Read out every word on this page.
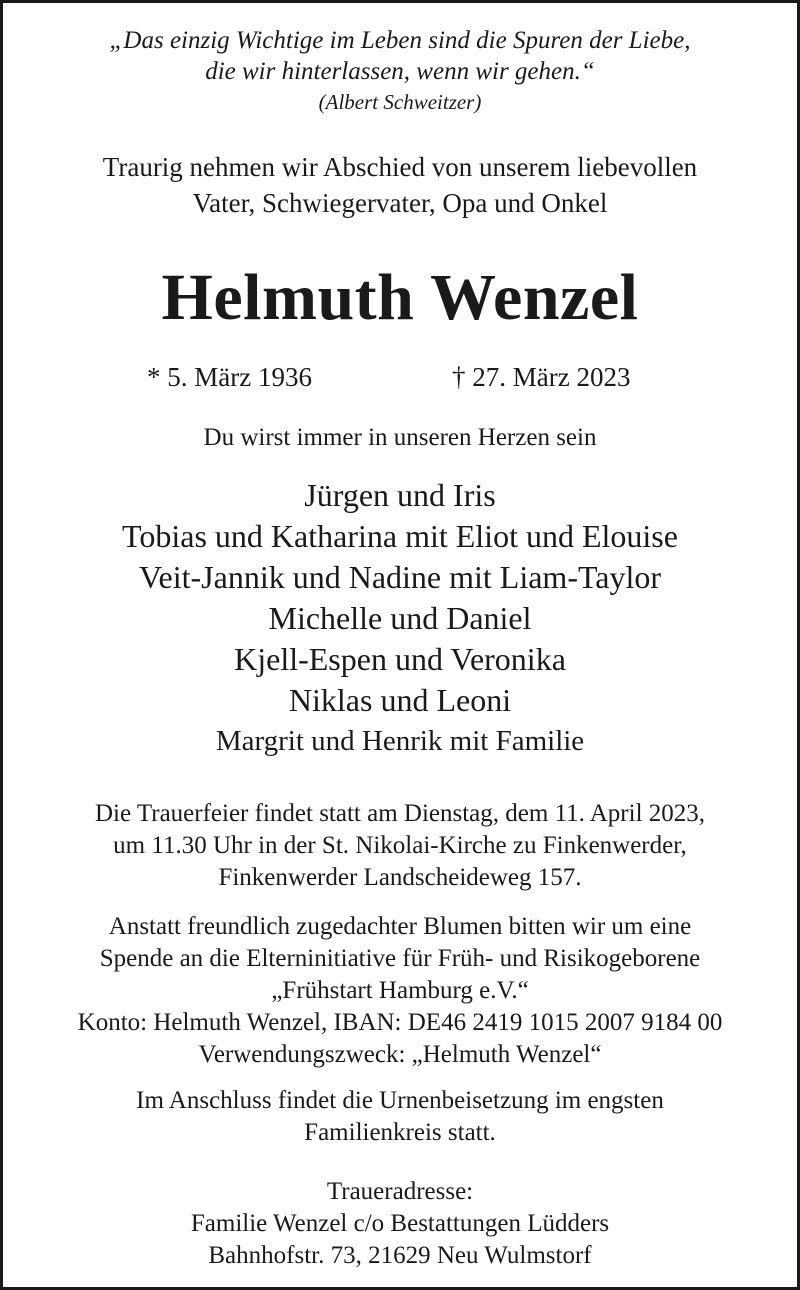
„Das einzig Wichtige im Leben sind die Spuren der Liebe,
die wir hinterlassen, wenn wir gehen.“
(Albert Schweitzer)
Traurig nehmen wir Abschied von unserem liebevollen
Vater, Schwiegervater, Opa und Onkel
Helmuth Wenzel
* 5. März 1936	† 27. März 2023
Du wirst immer in unseren Herzen sein
Jürgen und Iris
Tobias und Katharina mit Eliot und Elouise
Veit-Jannik und Nadine mit Liam-Taylor
Michelle und Daniel
Kjell-Espen und Veronika
Niklas und Leoni
Margrit und Henrik mit Familie
Die Trauerfeier findet statt am Dienstag, dem 11. April 2023,
um 11.30 Uhr in der St. Nikolai-Kirche zu Finkenwerder,
Finkenwerder Landscheideweg 157.
Anstatt freundlich zugedachter Blumen bitten wir um eine
Spende an die Elterninitiative für Früh- und Risikogeborene
„Frühstart Hamburg e.V.“
Konto: Helmuth Wenzel, IBAN: DE46 2419 1015 2007 9184 00
Verwendungszweck: „Helmuth Wenzel“
Im Anschluss findet die Urnenbeisetzung im engsten
Familienkreis statt.
Traueradresse:
Familie Wenzel c/o Bestattungen Lüdders
Bahnhofstr. 73, 21629 Neu Wulmstorf
